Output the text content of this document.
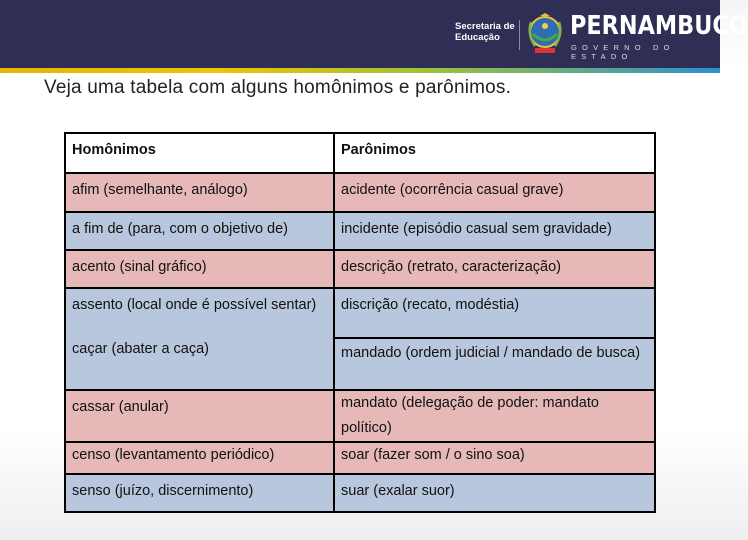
Secretaria de
Educação	PERNAMBUCO
GOVERNO DO ESTADO
Veja uma tabela com alguns homônimos e parônimos.
Homônimos	Parônimos
afim (semelhante, análogo)	acidente (ocorrência casual grave)
a fim de (para, com o objetivo de)	incidente (episódio casual sem gravidade)
acento (sinal gráfico)	descrição (retrato, caracterização)
assento (local onde é possível sentar)	discrição (recato, modéstia)
caçar (abater a caça)	mandado (ordem judicial / mandado de busca)
cassar (anular)	mandato (delegação de poder: mandato político)
censo (levantamento periódico)	soar (fazer som / o sino soa)
senso (juízo, discernimento)	suar (exalar suor)
